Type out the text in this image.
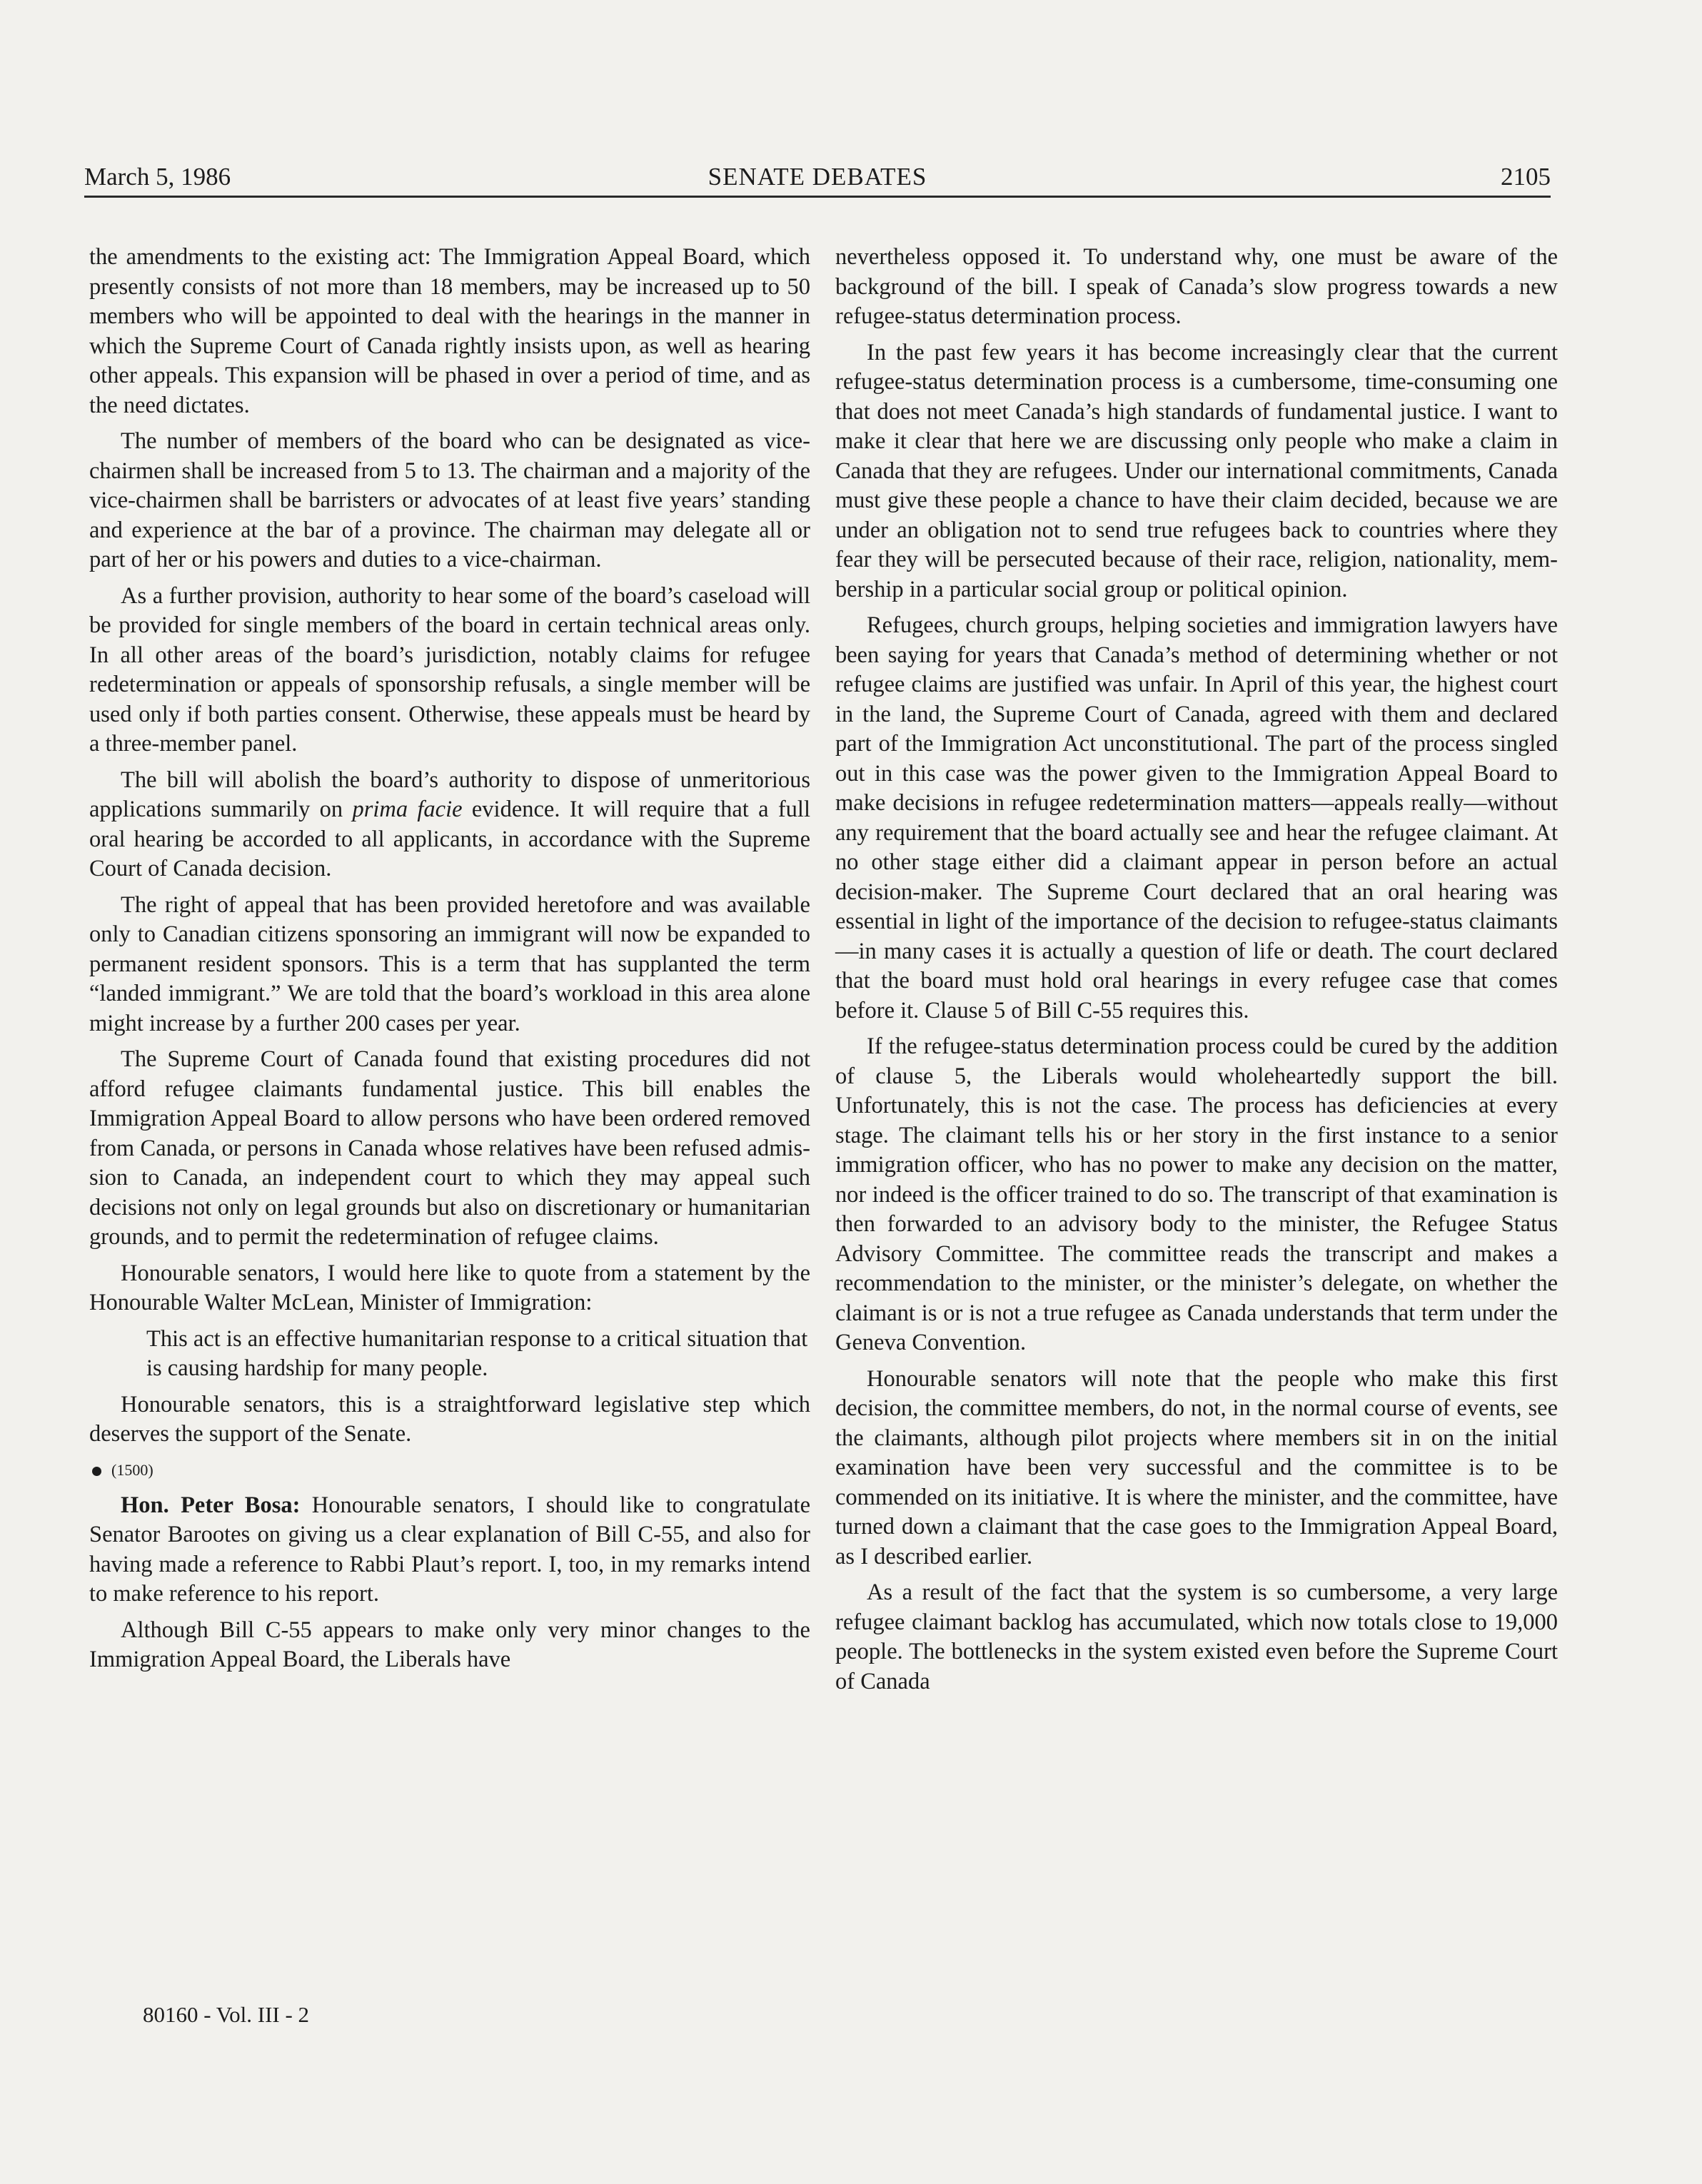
March 5, 1986	SENATE DEBATES	2105

the amendments to the existing act: The Immigration Appeal Board, which presently consists of not more than 18 members, may be increased up to 50 members who will be appointed to deal with the hearings in the manner in which the Supreme Court of Canada rightly insists upon, as well as hearing other appeals. This expansion will be phased in over a period of time, and as the need dictates.

The number of members of the board who can be designated as vice-chairmen shall be increased from 5 to 13. The chairman and a majority of the vice-chairmen shall be barristers or advocates of at least five years’ standing and experience at the bar of a province. The chairman may delegate all or part of her or his powers and duties to a vice-chairman.

As a further provision, authority to hear some of the board’s caseload will be provided for single members of the board in certain technical areas only. In all other areas of the board’s jurisdiction, notably claims for refugee redetermination or appeals of sponsorship refusals, a single member will be used only if both parties consent. Otherwise, these appeals must be heard by a three-member panel.

The bill will abolish the board’s authority to dispose of unmeritorious applications summarily on prima facie evidence. It will require that a full oral hearing be accorded to all applicants, in accordance with the Supreme Court of Canada decision.

The right of appeal that has been provided heretofore and was available only to Canadian citizens sponsoring an immigrant will now be expanded to permanent resident sponsors. This is a term that has supplanted the term “landed immigrant.” We are told that the board’s workload in this area alone might increase by a further 200 cases per year.

The Supreme Court of Canada found that existing procedures did not afford refugee claimants fundamental justice. This bill enables the Immigration Appeal Board to allow persons who have been ordered removed from Canada, or persons in Canada whose relatives have been refused admission to Canada, an independent court to which they may appeal such decisions not only on legal grounds but also on discretionary or humanitarian grounds, and to permit the redetermination of refugee claims.

Honourable senators, I would here like to quote from a statement by the Honourable Walter McLean, Minister of Immigration:

This act is an effective humanitarian response to a critical situation that is causing hardship for many people.

Honourable senators, this is a straightforward legislative step which deserves the support of the Senate.

(1500)

Hon. Peter Bosa: Honourable senators, I should like to congratulate Senator Barootes on giving us a clear explanation of Bill C-55, and also for having made a reference to Rabbi Plaut’s report. I, too, in my remarks intend to make reference to his report.

Although Bill C-55 appears to make only very minor changes to the Immigration Appeal Board, the Liberals have

nevertheless opposed it. To understand why, one must be aware of the background of the bill. I speak of Canada’s slow progress towards a new refugee-status determination process.

In the past few years it has become increasingly clear that the current refugee-status determination process is a cumbersome, time-consuming one that does not meet Canada’s high standards of fundamental justice. I want to make it clear that here we are discussing only people who make a claim in Canada that they are refugees. Under our international commitments, Canada must give these people a chance to have their claim decided, because we are under an obligation not to send true refugees back to countries where they fear they will be persecuted because of their race, religion, nationality, membership in a particular social group or political opinion.

Refugees, church groups, helping societies and immigration lawyers have been saying for years that Canada’s method of determining whether or not refugee claims are justified was unfair. In April of this year, the highest court in the land, the Supreme Court of Canada, agreed with them and declared part of the Immigration Act unconstitutional. The part of the process singled out in this case was the power given to the Immigration Appeal Board to make decisions in refugee redetermination matters—appeals really—without any requirement that the board actually see and hear the refugee claimant. At no other stage either did a claimant appear in person before an actual decision-maker. The Supreme Court declared that an oral hearing was essential in light of the importance of the decision to refugee-status claimants—in many cases it is actually a question of life or death. The court declared that the board must hold oral hearings in every refugee case that comes before it. Clause 5 of Bill C-55 requires this.

If the refugee-status determination process could be cured by the addition of clause 5, the Liberals would wholeheartedly support the bill. Unfortunately, this is not the case. The process has deficiencies at every stage. The claimant tells his or her story in the first instance to a senior immigration officer, who has no power to make any decision on the matter, nor indeed is the officer trained to do so. The transcript of that examination is then forwarded to an advisory body to the minister, the Refugee Status Advisory Committee. The committee reads the transcript and makes a recommendation to the minister, or the minister’s delegate, on whether the claimant is or is not a true refugee as Canada understands that term under the Geneva Convention.

Honourable senators will note that the people who make this first decision, the committee members, do not, in the normal course of events, see the claimants, although pilot projects where members sit in on the initial examination have been very successful and the committee is to be commended on its initiative. It is where the minister, and the committee, have turned down a claimant that the case goes to the Immigration Appeal Board, as I described earlier.

As a result of the fact that the system is so cumbersome, a very large refugee claimant backlog has accumulated, which now totals close to 19,000 people. The bottlenecks in the system existed even before the Supreme Court of Canada

80160 - Vol. III - 2
